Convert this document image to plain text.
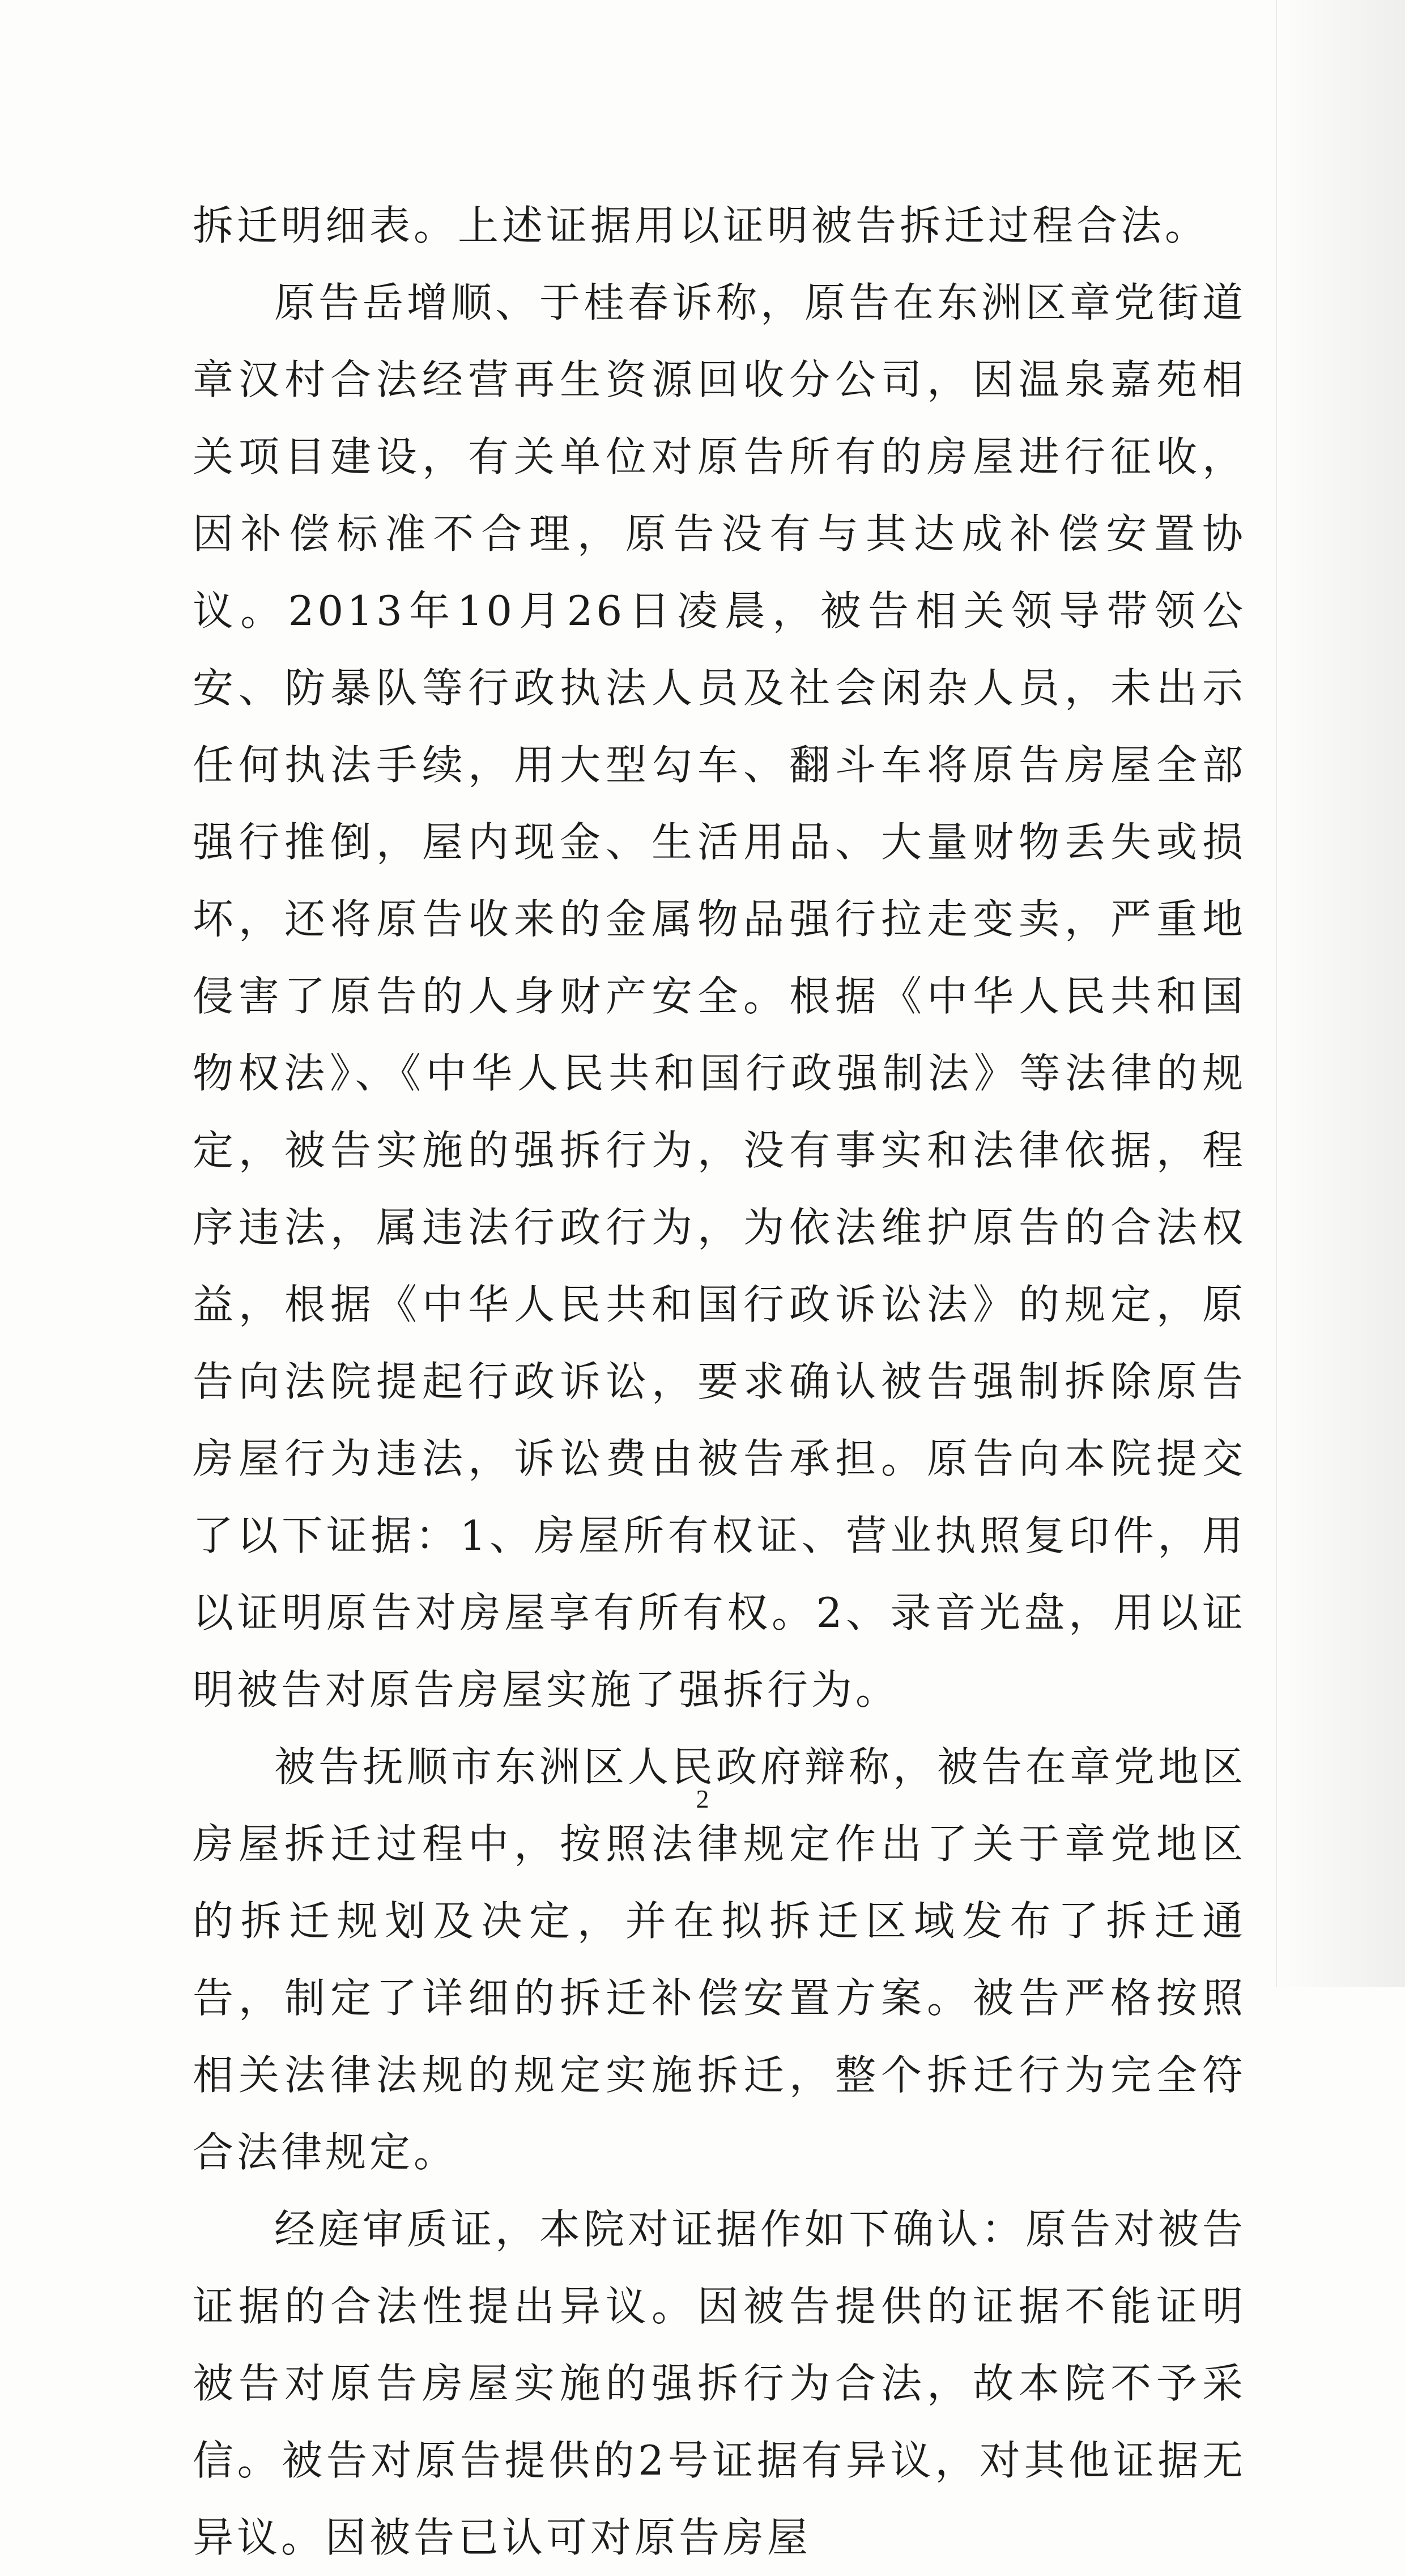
拆迁明细表。上述证据用以证明被告拆迁过程合法。

原告岳增顺、于桂春诉称，原告在东洲区章党街道章汉村合法经营再生资源回收分公司，因温泉嘉苑相关项目建设，有关单位对原告所有的房屋进行征收，因补偿标准不合理，原告没有与其达成补偿安置协议。2013年10月26日凌晨，被告相关领导带领公安、防暴队等行政执法人员及社会闲杂人员，未出示任何执法手续，用大型勾车、翻斗车将原告房屋全部强行推倒，屋内现金、生活用品、大量财物丢失或损坏，还将原告收来的金属物品强行拉走变卖，严重地侵害了原告的人身财产安全。根据《中华人民共和国物权法》、《中华人民共和国行政强制法》等法律的规定，被告实施的强拆行为，没有事实和法律依据，程序违法，属违法行政行为，为依法维护原告的合法权益，根据《中华人民共和国行政诉讼法》的规定，原告向法院提起行政诉讼，要求确认被告强制拆除原告房屋行为违法，诉讼费由被告承担。原告向本院提交了以下证据：1、房屋所有权证、营业执照复印件，用以证明原告对房屋享有所有权。2、录音光盘，用以证明被告对原告房屋实施了强拆行为。

被告抚顺市东洲区人民政府辩称，被告在章党地区房屋拆迁过程中，按照法律规定作出了关于章党地区的拆迁规划及决定，并在拟拆迁区域发布了拆迁通告，制定了详细的拆迁补偿安置方案。被告严格按照相关法律法规的规定实施拆迁，整个拆迁行为完全符合法律规定。

经庭审质证，本院对证据作如下确认：原告对被告证据的合法性提出异议。因被告提供的证据不能证明被告对原告房屋实施的强拆行为合法，故本院不予采信。被告对原告提供的2号证据有异议，对其他证据无异议。因被告已认可对原告房屋

2
